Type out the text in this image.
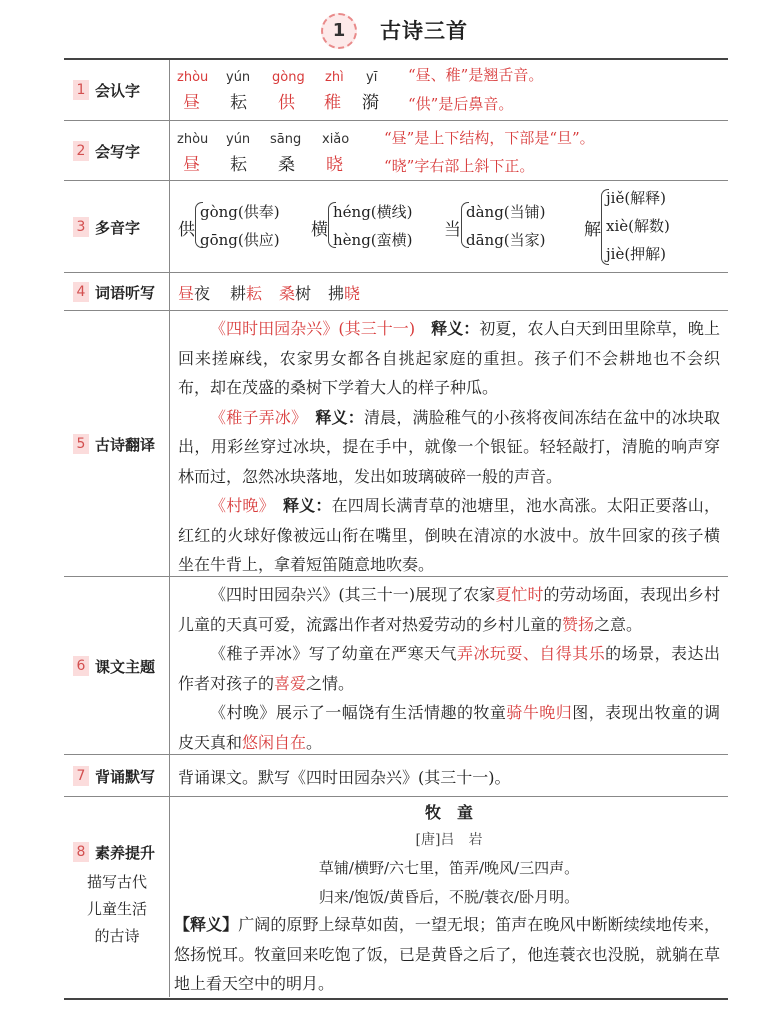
1	古诗三首
1 会认字
zhòu
昼
yún
耘
gòng
供
zhì
稚
yī
漪
“昼、稚”是翘舌音。
“供”是后鼻音。
2 会写字
zhòu
昼
yún
耘
sāng
桑
xiǎo
晓
“昼”是上下结构，下部是“旦”。
“晓”字右部上斜下正。
3 多音字 供
gòng(供奉)
gōng(供应) 横
héng(横线)
hèng(蛮横) 当
dàng(当铺)
dāng(当家) 解
jiě(解释)
xiè(解数)
jiè(押解)
4 词语听写 昼夜 耕耘 桑树 拂晓
5 古诗翻译

《四时田园杂兴》(其三十一)　 释义：初夏，农人白天到田里除草，晚上回来搓麻线，农家男女都各自挑起家庭的重担。孩子们不会耕地也不会织布，却在茂盛的桑树下学着大人的样子种瓜。

《稚子弄冰》　 释义：清晨，满脸稚气的小孩将夜间冻结在盆中的冰块取出，用彩丝穿过冰块，提在手中，就像一个银钲。轻轻敲打，清脆的响声穿林而过，忽然冰块落地，发出如玻璃破碎一般的声音。

《村晚》　 释义：在四周长满青草的池塘里，池水高涨。太阳正要落山，红红的火球好像被远山衔在嘴里，倒映在清凉的水波中。放牛回家的孩子横坐在牛背上，拿着短笛随意地吹奏。

6 课文主题

《四时田园杂兴》(其三十一)展现了农家夏忙时的劳动场面，表现出乡村儿童的天真可爱，流露出作者对热爱劳动的乡村儿童的赞扬之意。

《稚子弄冰》写了幼童在严寒天气弄冰玩耍、自得其乐的场景，表达出作者对孩子的喜爱之情。

《村晚》展示了一幅饶有生活情趣的牧童骑牛晚归图，表现出牧童的调皮天真和悠闲自在。

7 背诵默写 背诵课文。默写《四时田园杂兴》(其三十一)。
8 素养提升
描写古代
儿童生活
的古诗
牧　童
[唐]吕　岩
草铺/横野/六七里，笛弄/晚风/三四声。
归来/饱饭/黄昏后，不脱/蓑衣/卧月明。

【释义】广阔的原野上绿草如茵，一望无垠；笛声在晚风中断断续续地传来，悠扬悦耳。牧童回来吃饱了饭，已是黄昏之后了，他连蓑衣也没脱，就躺在草地上看天空中的明月。
